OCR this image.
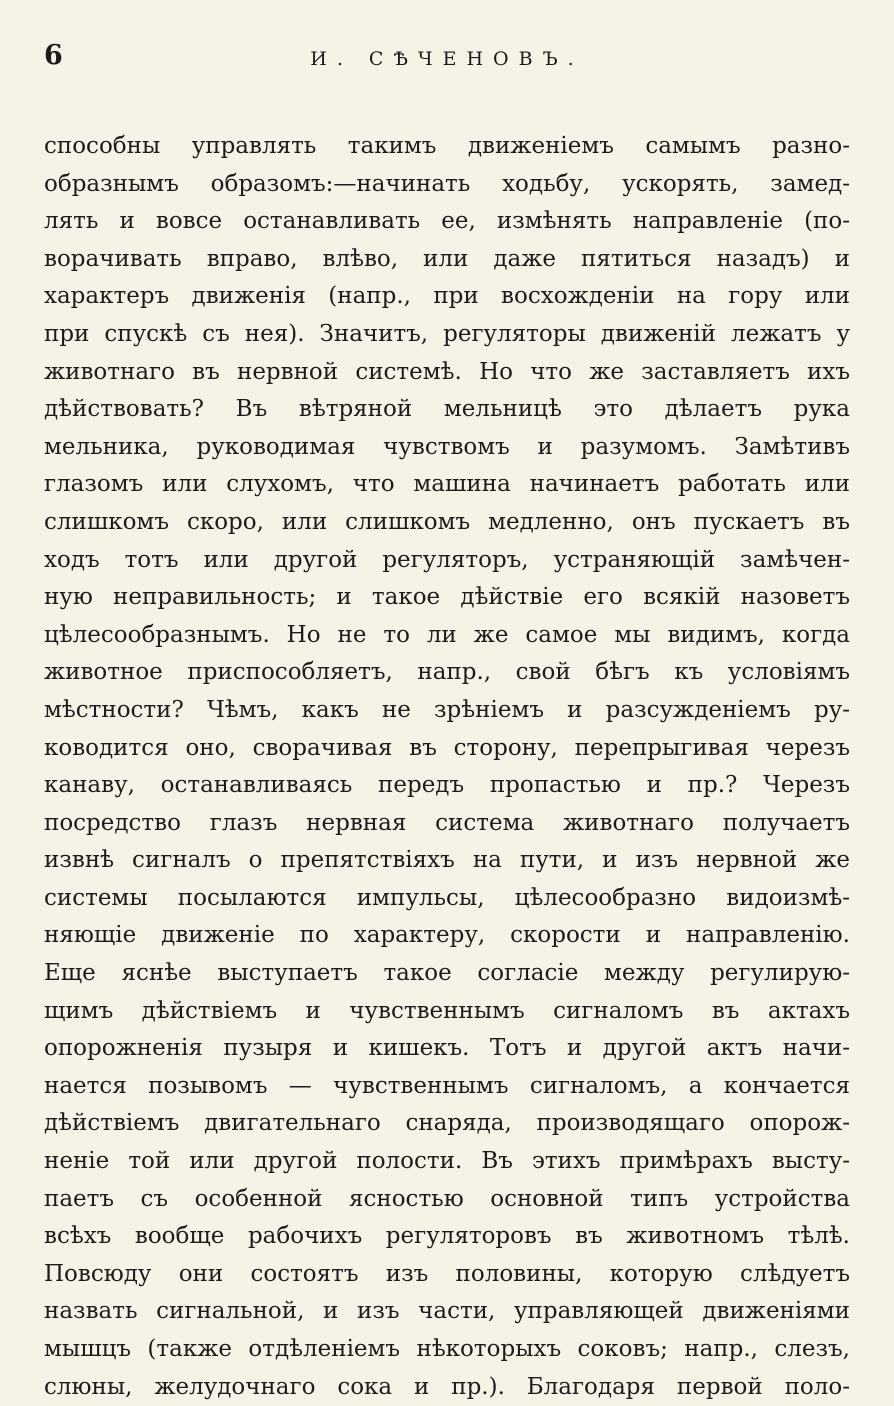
6	И. СѢЧЕНОВЪ.
способны управлять такимъ движенiемъ самымъ разно-
образнымъ образомъ:—начинать ходьбу, ускорять, замед-
лять и вовсе останавливать ее, измѣнять направленiе (по-
ворачивать вправо, влѣво, или даже пятиться назадъ) и
характеръ движенiя (напр., при восхожденiи на гору или
при спускѣ съ нея). Значитъ, регуляторы движенiй лежатъ у
животнаго въ нервной системѣ. Но что же заставляетъ ихъ
дѣйствовать? Въ вѣтряной мельницѣ это дѣлаетъ рука
мельника, руководимая чувствомъ и разумомъ. Замѣтивъ
глазомъ или слухомъ, что машина начинаетъ работать или
слишкомъ скоро, или слишкомъ медленно, онъ пускаетъ въ
ходъ тотъ или другой регуляторъ, устраняющiй замѣчен-
ную неправильность; и такое дѣйствiе его всякiй назоветъ
цѣлесообразнымъ. Но не то ли же самое мы видимъ, когда
животное приспособляетъ, напр., свой бѣгъ къ условiямъ
мѣстности? Чѣмъ, какъ не зрѣнiемъ и разсужденiемъ ру-
ководится оно, сворачивая въ сторону, перепрыгивая черезъ
канаву, останавливаясь передъ пропастью и пр.? Черезъ
посредство глазъ нервная система животнаго получаетъ
извнѣ сигналъ о препятствiяхъ на пути, и изъ нервной же
системы посылаются импульсы, цѣлесообразно видоизмѣ-
няющiе движенiе по характеру, скорости и направленiю.
Еще яснѣе выступаетъ такое согласiе между регулирую-
щимъ дѣйствiемъ и чувственнымъ сигналомъ въ актахъ
опорожненiя пузыря и кишекъ. Тотъ и другой актъ начи-
нается позывомъ — чувственнымъ сигналомъ, а кончается
дѣйствiемъ двигательнаго снаряда, производящаго опорож-
ненiе той или другой полости. Въ этихъ примѣрахъ высту-
паетъ съ особенной ясностью основной типъ устройства
всѣхъ вообще рабочихъ регуляторовъ въ животномъ тѣлѣ.
Повсюду они состоятъ изъ половины, которую слѣдуетъ
назвать сигнальной, и изъ части, управляющей движенiями
мышцъ (также отдѣленiемъ нѣкоторыхъ соковъ; напр., слезъ,
слюны, желудочнаго сока и пр.). Благодаря первой поло-
